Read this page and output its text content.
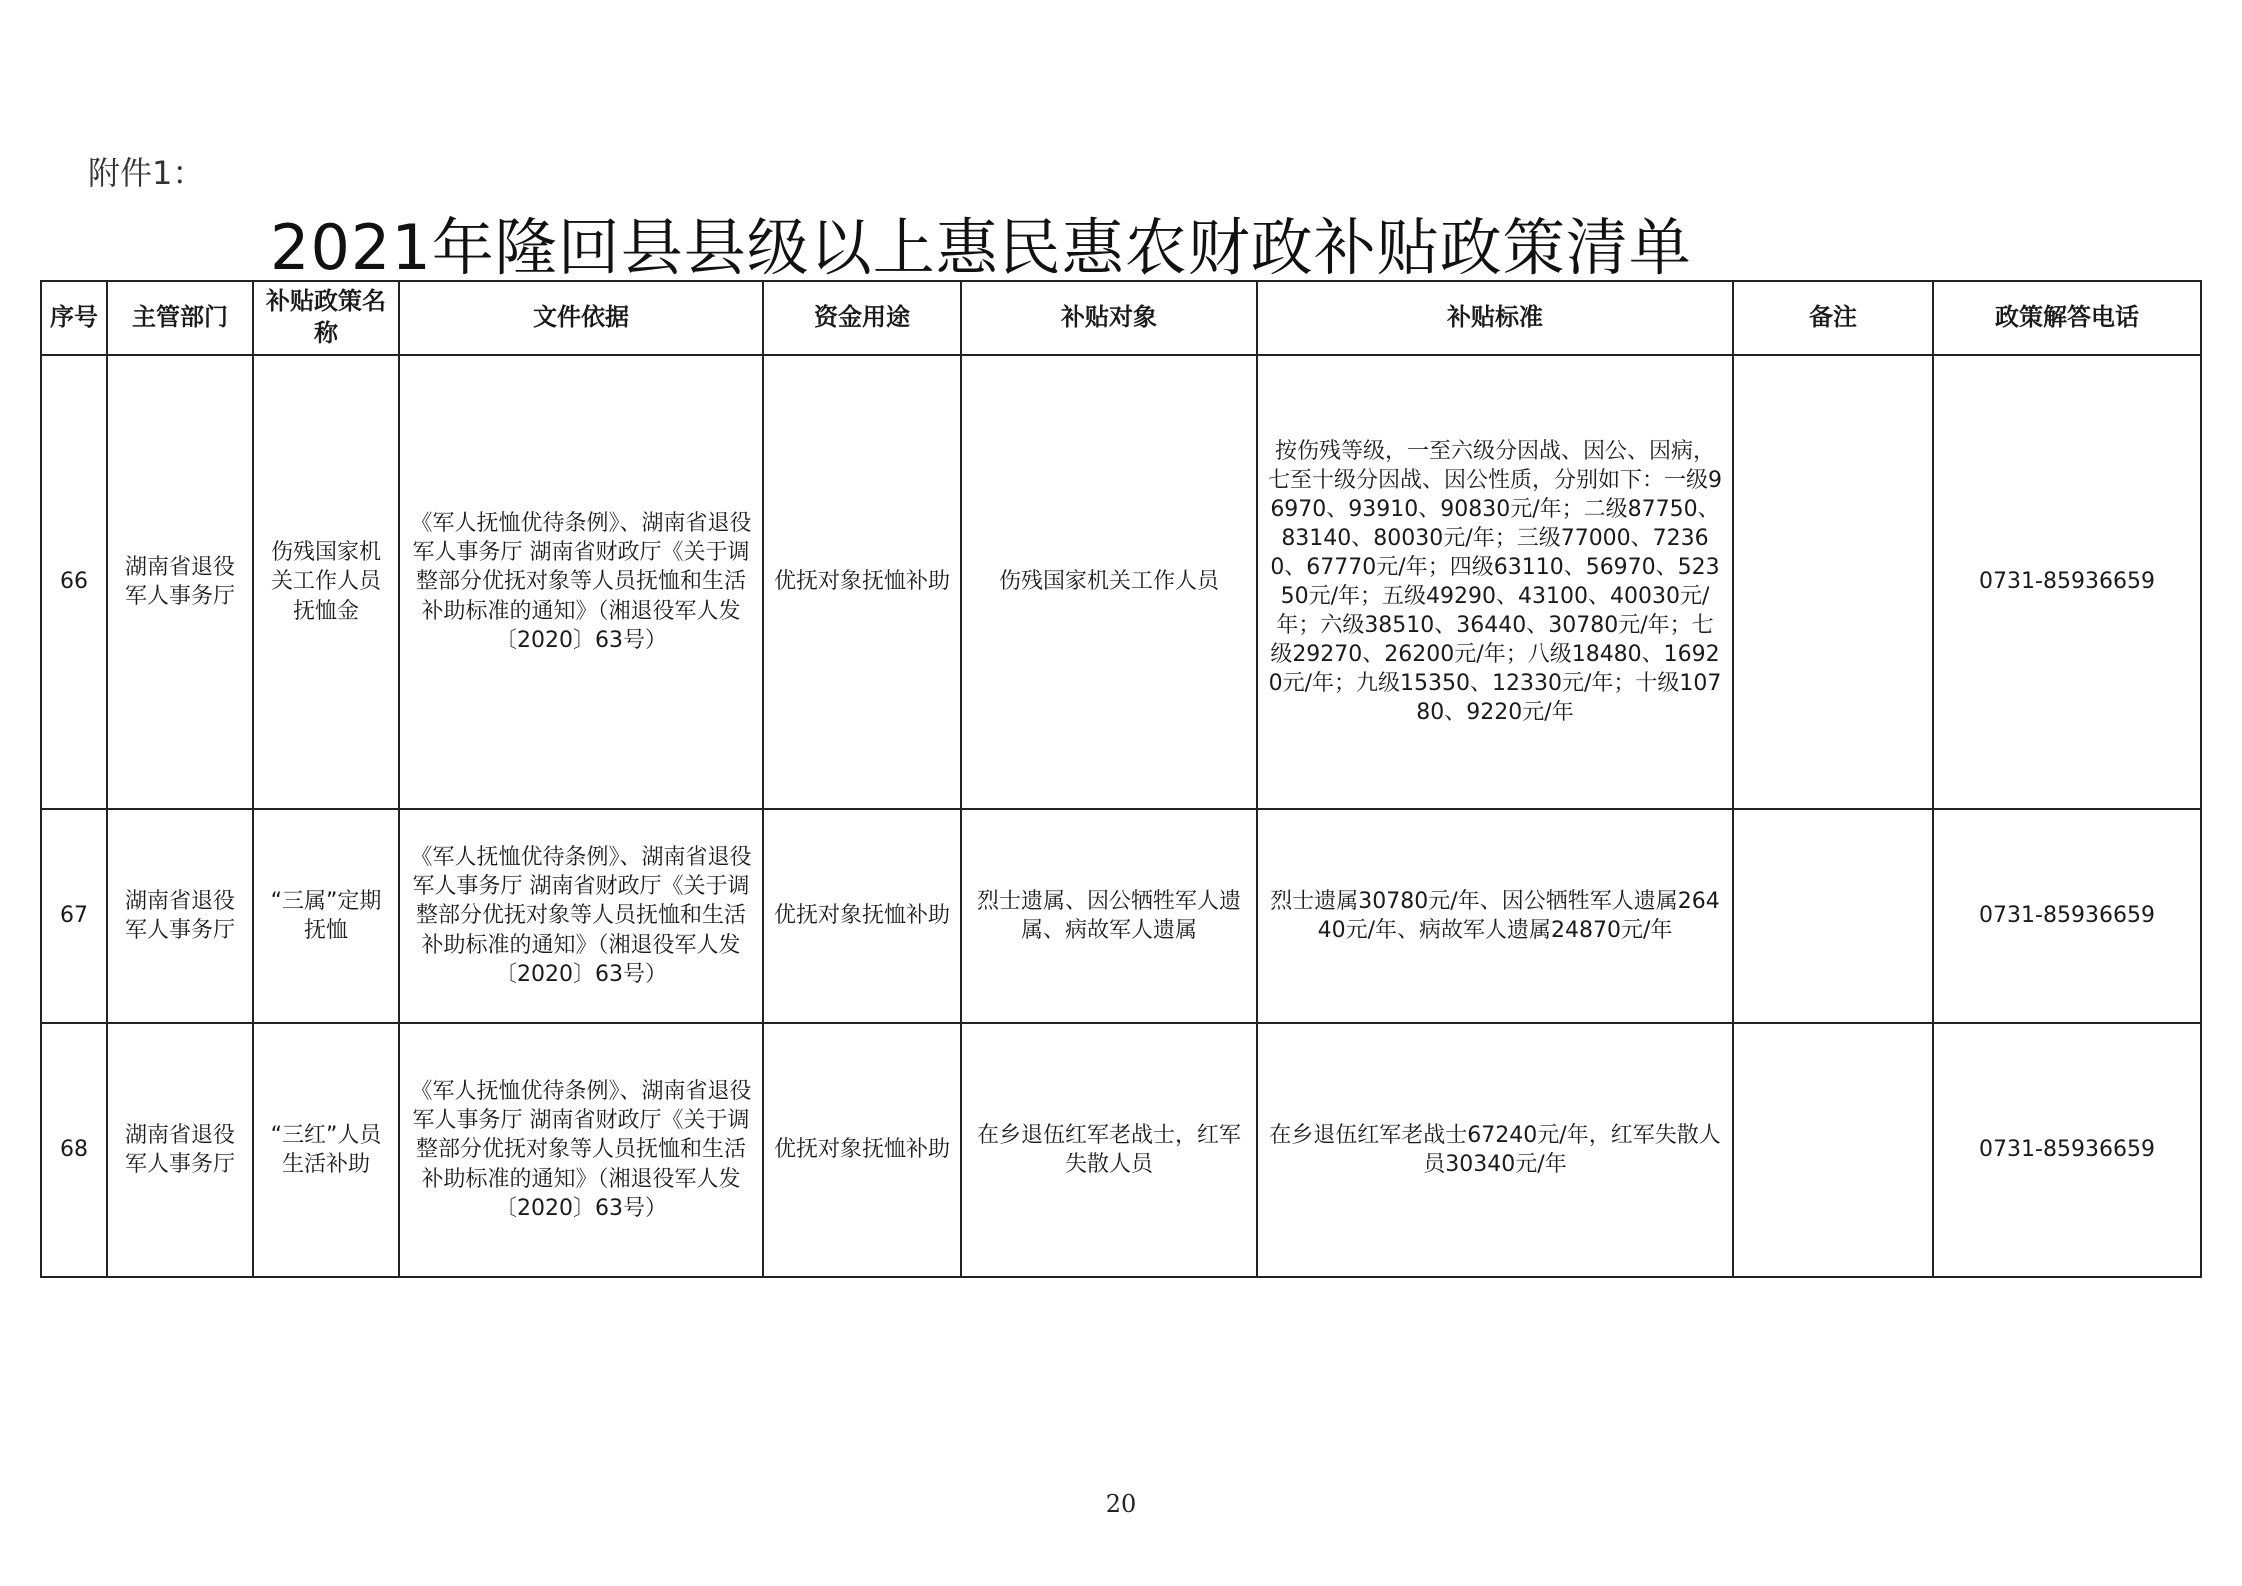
附件1：
2021年隆回县县级以上惠民惠农财政补贴政策清单
序号	主管部门	补贴政策名称	文件依据	资金用途	补贴对象	补贴标准	备注	政策解答电话
66	湖南省退役军人事务厅	伤残国家机关工作人员抚恤金	《军人抚恤优待条例》、湖南省退役军人事务厅 湖南省财政厅《关于调整部分优抚对象等人员抚恤和生活补助标准的通知》（湘退役军人发〔2020〕63号）	优抚对象抚恤补助	伤残国家机关工作人员	按伤残等级，一至六级分因战、因公、因病，七至十级分因战、因公性质，分别如下：一级96970、93910、90830元/年；二级87750、83140、80030元/年；三级77000、72360、67770元/年；四级63110、56970、52350元/年；五级49290、43100、40030元/年；六级38510、36440、30780元/年；七级29270、26200元/年；八级18480、16920元/年；九级15350、12330元/年；十级10780、9220元/年		0731-85936659
67	湖南省退役军人事务厅	“三属”定期抚恤	《军人抚恤优待条例》、湖南省退役军人事务厅 湖南省财政厅《关于调整部分优抚对象等人员抚恤和生活补助标准的通知》（湘退役军人发〔2020〕63号）	优抚对象抚恤补助	烈士遗属、因公牺牲军人遗属、病故军人遗属	烈士遗属30780元/年、因公牺牲军人遗属26440元/年、病故军人遗属24870元/年		0731-85936659
68	湖南省退役军人事务厅	“三红”人员生活补助	《军人抚恤优待条例》、湖南省退役军人事务厅 湖南省财政厅《关于调整部分优抚对象等人员抚恤和生活补助标准的通知》（湘退役军人发〔2020〕63号）	优抚对象抚恤补助	在乡退伍红军老战士，红军失散人员	在乡退伍红军老战士67240元/年，红军失散人员30340元/年		0731-85936659
20
